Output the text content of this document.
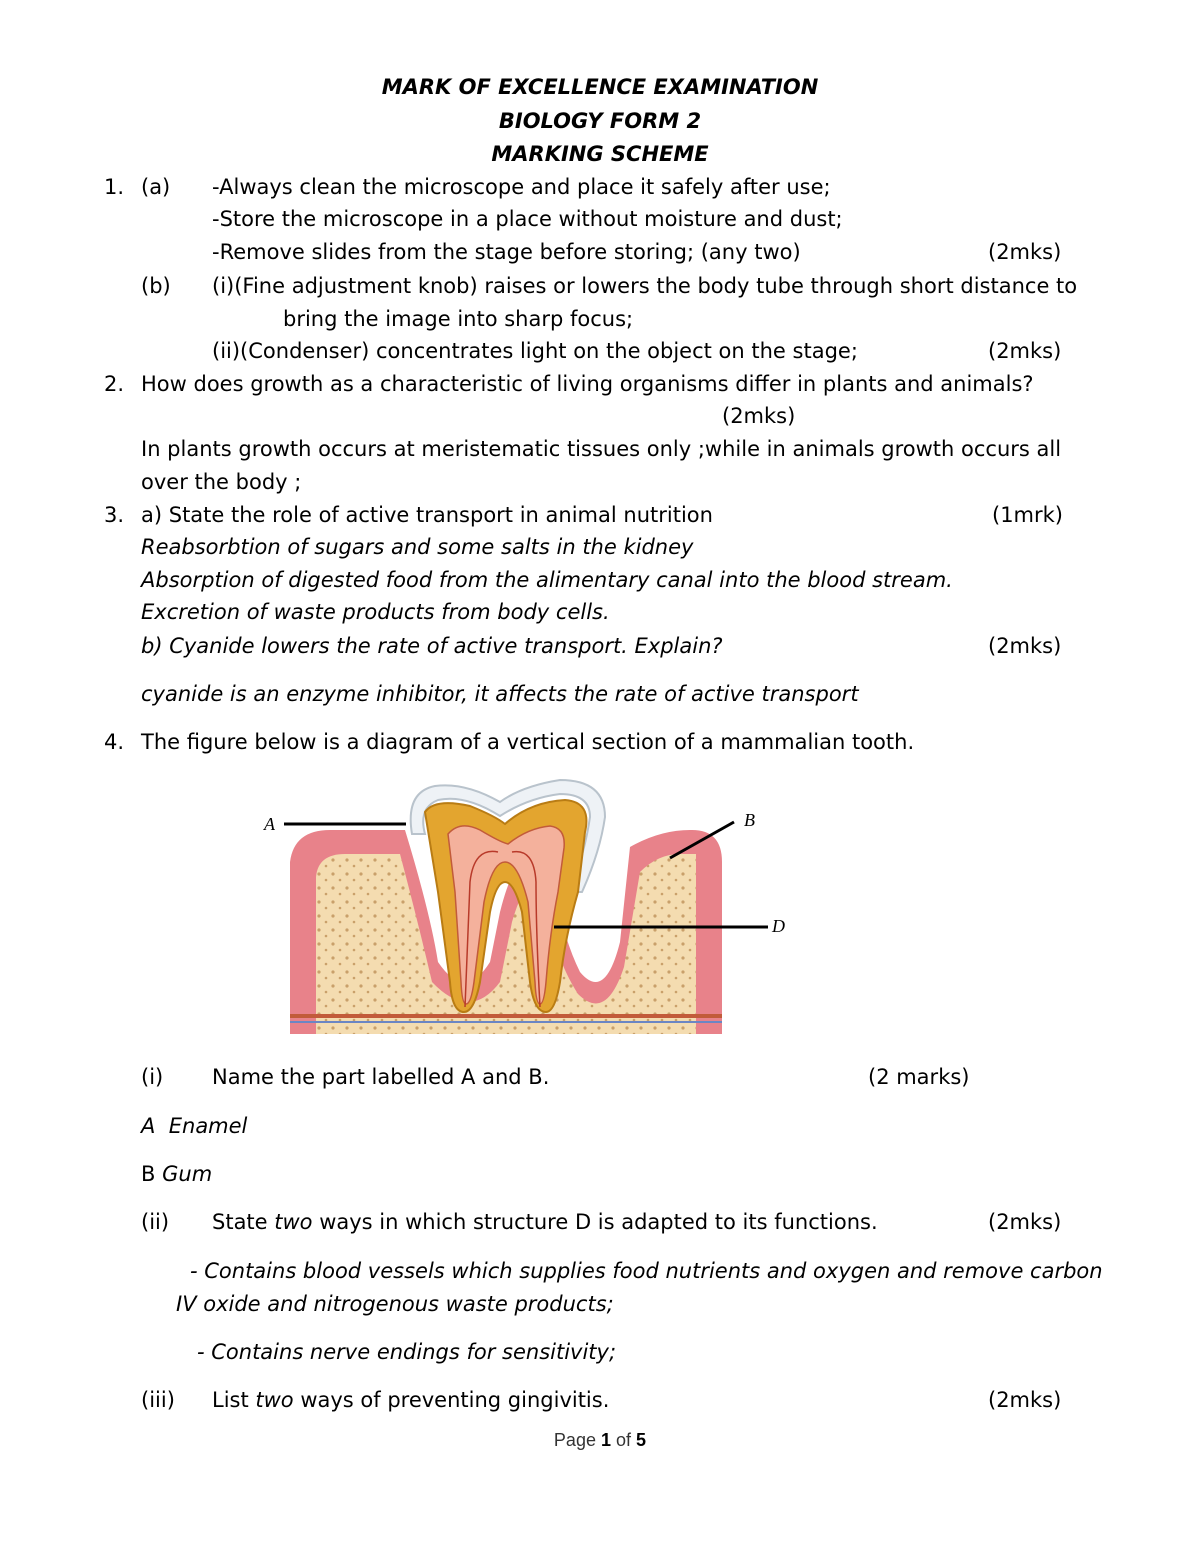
MARK OF EXCELLENCE EXAMINATION
BIOLOGY FORM 2
MARKING SCHEME
1. (a) -Always clean the microscope and place it safely after use;
-Store the microscope in a place without moisture and dust;
-Remove slides from the stage before storing; (any two)	(2mks)
(b) (i)(Fine adjustment knob) raises or lowers the body tube through short distance to
bring the image into sharp focus;
(ii)(Condenser) concentrates light on the object on the stage;	(2mks)
2. How does growth as a characteristic of living organisms differ in plants and animals?
(2mks)
In plants growth occurs at meristematic tissues only ;while in animals growth occurs all
over the body ;
3. a) State the role of active transport in animal nutrition	(1mrk)
Reabsorbtion of sugars and some salts in the kidney
Absorption of digested food from the alimentary canal into the blood stream.
Excretion of waste products from body cells.
b) Cyanide lowers the rate of active transport. Explain?	(2mks)
cyanide is an enzyme inhibitor, it affects the rate of active transport
4. The figure below is a diagram of a vertical section of a mammalian tooth.
A	B
D
(i) Name the part labelled A and B.	(2 marks)
A Enamel
B Gum
(ii) State two ways in which structure D is adapted to its functions.	(2mks)
- Contains blood vessels which supplies food nutrients and oxygen and remove carbon
IV oxide and nitrogenous waste products;
- Contains nerve endings for sensitivity;
(iii) List two ways of preventing gingivitis.	(2mks)
Page 1 of 5
